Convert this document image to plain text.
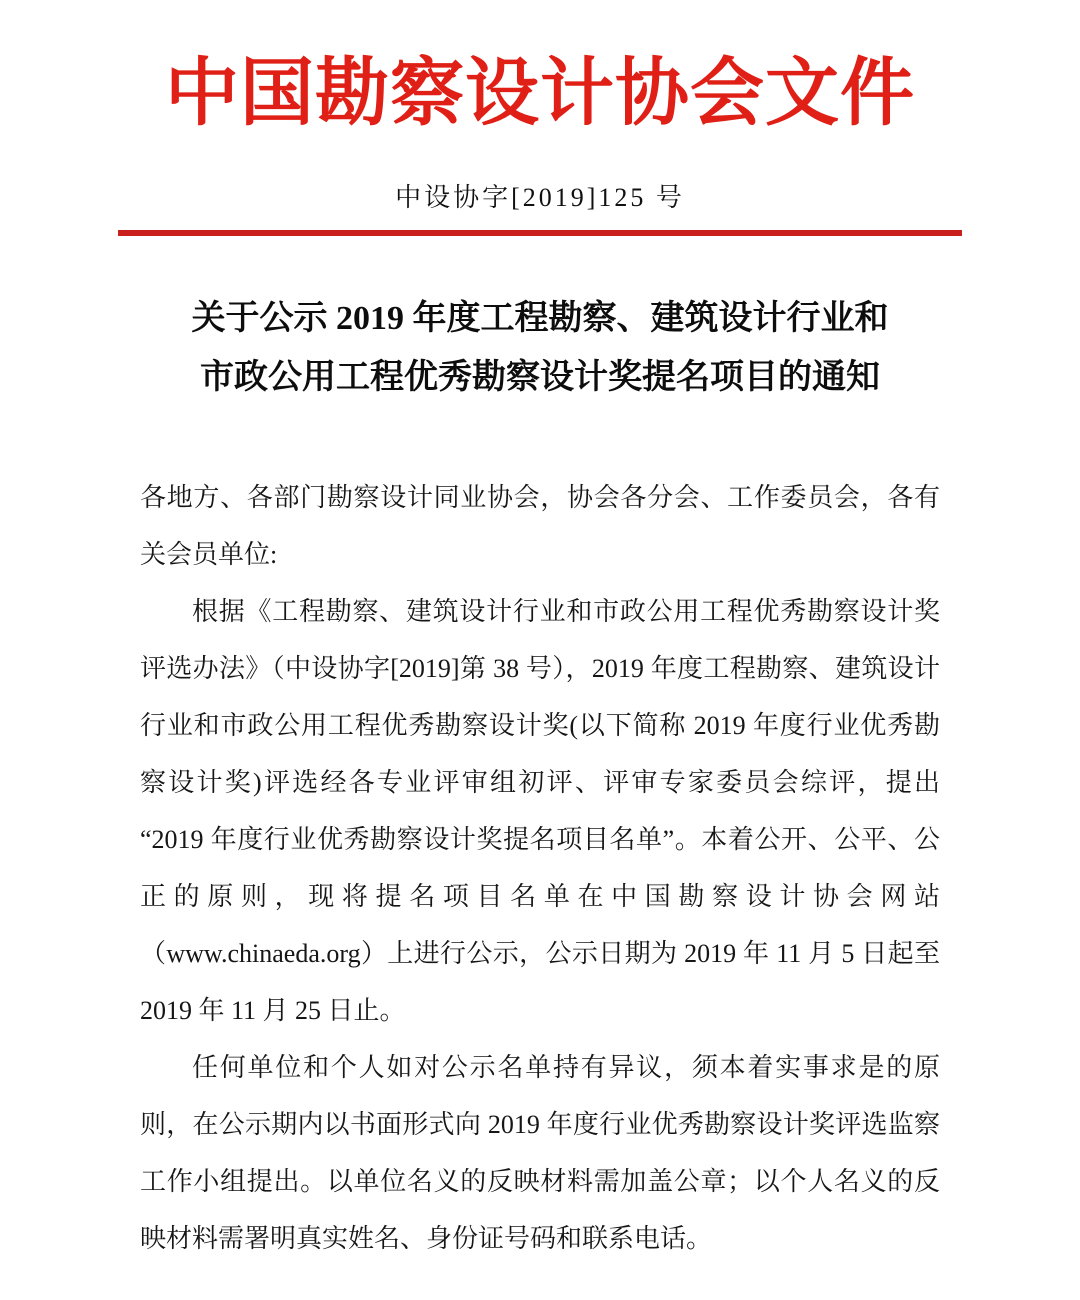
中国勘察设计协会文件
中设协字[2019]125 号
关于公示 2019 年度工程勘察、建筑设计行业和
市政公用工程优秀勘察设计奖提名项目的通知

各地方、各部门勘察设计同业协会，协会各分会、工作委员会，各有关会员单位:

根据《工程勘察、建筑设计行业和市政公用工程优秀勘察设计奖评选办法》（中设协字[2019]第 38 号），2019 年度工程勘察、建筑设计行业和市政公用工程优秀勘察设计奖(以下简称 2019 年度行业优秀勘察设计奖)评选经各专业评审组初评、评审专家委员会综评，提出 “2019 年度行业优秀勘察设计奖提名项目名单”。本着公开、公平、公正的原则，现将提名项目名单在中国勘察设计协会网站（www.chinaeda.org）上进行公示，公示日期为 2019 年 11 月 5 日起至 2019 年 11 月 25 日止。

任何单位和个人如对公示名单持有异议，须本着实事求是的原则，在公示期内以书面形式向 2019 年度行业优秀勘察设计奖评选监察工作小组提出。以单位名义的反映材料需加盖公章；以个人名义的反映材料需署明真实姓名、身份证号码和联系电话。
